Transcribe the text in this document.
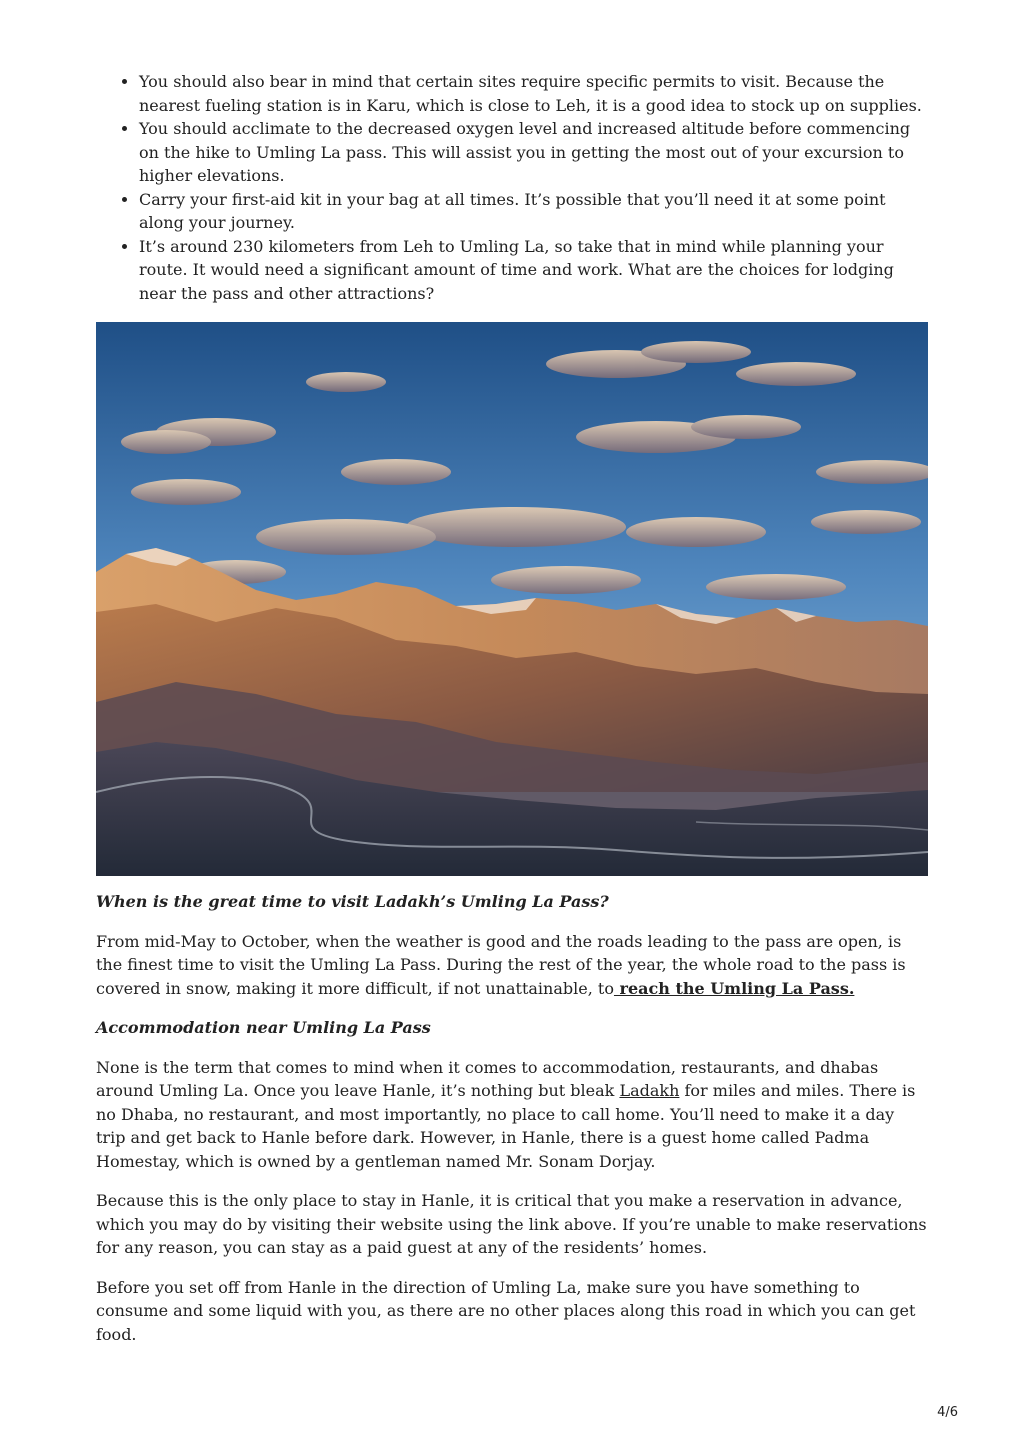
• You should also bear in mind that certain sites require specific permits to visit. Because the nearest fueling station is in Karu, which is close to Leh, it is a good idea to stock up on supplies.
• You should acclimate to the decreased oxygen level and increased altitude before commencing on the hike to Umling La pass. This will assist you in getting the most out of your excursion to higher elevations.
• Carry your first-aid kit in your bag at all times. It’s possible that you’ll need it at some point along your journey.
• It’s around 230 kilometers from Leh to Umling La, so take that in mind while planning your route. It would need a significant amount of time and work. What are the choices for lodging near the pass and other attractions?

When is the great time to visit Ladakh’s Umling La Pass?

From mid-May to October, when the weather is good and the roads leading to the pass are open, is the finest time to visit the Umling La Pass. During the rest of the year, the whole road to the pass is covered in snow, making it more difficult, if not unattainable, to reach the Umling La Pass.

Accommodation near Umling La Pass

None is the term that comes to mind when it comes to accommodation, restaurants, and dhabas around Umling La. Once you leave Hanle, it’s nothing but bleak Ladakh for miles and miles. There is no Dhaba, no restaurant, and most importantly, no place to call home. You’ll need to make it a day trip and get back to Hanle before dark. However, in Hanle, there is a guest home called Padma Homestay, which is owned by a gentleman named Mr. Sonam Dorjay.

Because this is the only place to stay in Hanle, it is critical that you make a reservation in advance, which you may do by visiting their website using the link above. If you’re unable to make reservations for any reason, you can stay as a paid guest at any of the residents’ homes.

Before you set off from Hanle in the direction of Umling La, make sure you have something to consume and some liquid with you, as there are no other places along this road in which you can get food.

4/6
